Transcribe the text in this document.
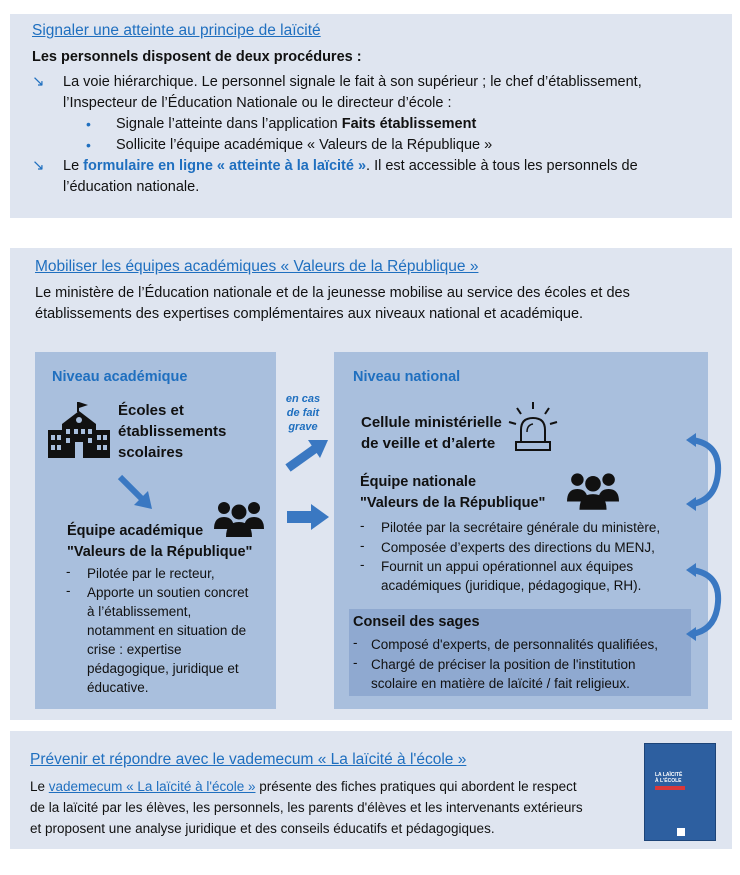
Signaler une atteinte au principe de laïcité
Les personnels disposent de deux procédures :
↘ La voie hiérarchique. Le personnel signale le fait à son supérieur ; le chef d’établissement,
l’Inspecteur de l’Éducation Nationale ou le directeur d’école :
• Signale l’atteinte dans l’application Faits établissement
• Sollicite l’équipe académique « Valeurs de la République »
↘ Le formulaire en ligne « atteinte à la laïcité ». Il est accessible à tous les personnels de
l’éducation nationale.
Mobiliser les équipes académiques « Valeurs de la République »
Le ministère de l’Éducation nationale et de la jeunesse mobilise au service des écoles et des
établissements des expertises complémentaires aux niveaux national et académique.
Niveau académique
Écoles et
établissements
scolaires
Équipe académique
"Valeurs de la République"
- Pilotée par le recteur,
- Apporte un soutien concret
à l’établissement,
notamment en situation de
crise : expertise
pédagogique, juridique et
éducative.
en cas
de fait
grave
Niveau national
Cellule ministérielle
de veille et d’alerte
Équipe nationale
"Valeurs de la République"
- Pilotée par la secrétaire générale du ministère,
- Composée d’experts des directions du MENJ,
- Fournit un appui opérationnel aux équipes
académiques (juridique, pédagogique, RH).
Conseil des sages
- Composé d'experts, de personnalités qualifiées,
- Chargé de préciser la position de l'institution
scolaire en matière de laïcité / fait religieux.
Prévenir et répondre avec le vademecum « La laïcité à l'école »
Le vademecum « La laïcité à l'école » présente des fiches pratiques qui abordent le respect
de la laïcité par les élèves, les personnels, les parents d'élèves et les intervenants extérieurs
et proposent une analyse juridique et des conseils éducatifs et pédagogiques.
LA LAÏCITÉ
À L'ÉCOLE
